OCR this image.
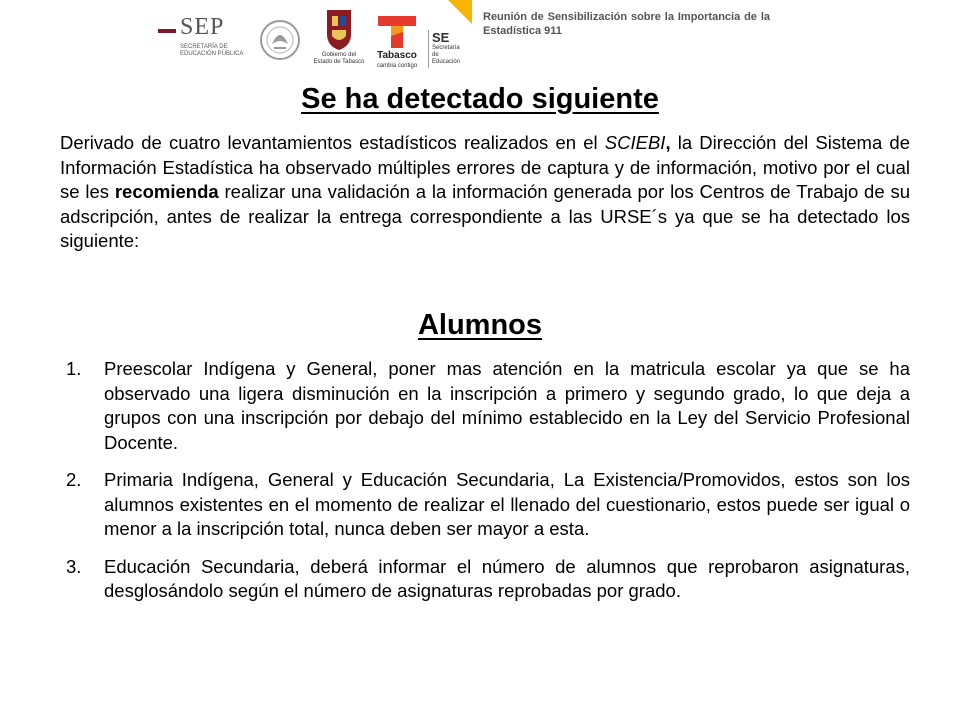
SEP
SECRETARÍA DE EDUCACIÓN PÚBLICA	Gobierno del Estado de Tabasco
Tabasco
cambia contigo
SE
Secretaría de Educación
Reunión de Sensibilización sobre la Importancia de la Estadística 911
Se ha detectado siguiente

Derivado de cuatro levantamientos estadísticos realizados en el SCIEBI, la Dirección del Sistema de Información Estadística ha observado múltiples errores de captura y de información, motivo por el cual se les recomienda realizar una validación a la información generada por los Centros de Trabajo de su adscripción, antes de realizar la entrega correspondiente a las URSE´s ya que se ha detectado los siguiente:

Alumnos
1. Preescolar Indígena y General, poner mas atención en la matricula escolar ya que se ha observado una ligera disminución en la inscripción a primero y segundo grado, lo que deja a grupos con una inscripción por debajo del mínimo establecido en la Ley del Servicio Profesional Docente.
2. Primaria Indígena, General y Educación Secundaria, La Existencia/Promovidos, estos son los alumnos existentes en el momento de realizar el llenado del cuestionario, estos puede ser igual o menor a la inscripción total, nunca deben ser mayor a esta.
3. Educación Secundaria, deberá informar el número de alumnos que reprobaron asignaturas, desglosándolo según el número de asignaturas reprobadas por grado.
